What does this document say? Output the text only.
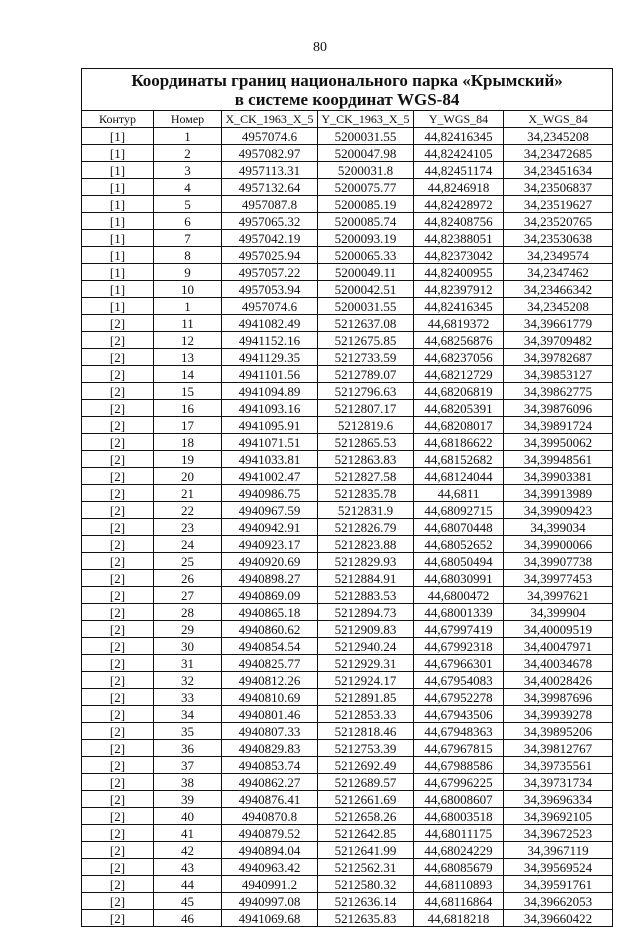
80
Координаты границ национального парка «Крымский»
в системе координат WGS-84					

Контур	Номер	X_CK_1963_X_5	Y_CK_1963_X_5	Y_WGS_84	X_WGS_84
[1]	1	4957074.6	5200031.55	44,82416345	34,2345208
[1]	2	4957082.97	5200047.98	44,82424105	34,23472685
[1]	3	4957113.31	5200031.8	44,82451174	34,23451634
[1]	4	4957132.64	5200075.77	44,8246918	34,23506837
[1]	5	4957087.8	5200085.19	44,82428972	34,23519627
[1]	6	4957065.32	5200085.74	44,82408756	34,23520765
[1]	7	4957042.19	5200093.19	44,82388051	34,23530638
[1]	8	4957025.94	5200065.33	44,82373042	34,2349574
[1]	9	4957057.22	5200049.11	44,82400955	34,2347462
[1]	10	4957053.94	5200042.51	44,82397912	34,23466342
[1]	1	4957074.6	5200031.55	44,82416345	34,2345208
[2]	11	4941082.49	5212637.08	44,6819372	34,39661779
[2]	12	4941152.16	5212675.85	44,68256876	34,39709482
[2]	13	4941129.35	5212733.59	44,68237056	34,39782687
[2]	14	4941101.56	5212789.07	44,68212729	34,39853127
[2]	15	4941094.89	5212796.63	44,68206819	34,39862775
[2]	16	4941093.16	5212807.17	44,68205391	34,39876096
[2]	17	4941095.91	5212819.6	44,68208017	34,39891724
[2]	18	4941071.51	5212865.53	44,68186622	34,39950062
[2]	19	4941033.81	5212863.83	44,68152682	34,39948561
[2]	20	4941002.47	5212827.58	44,68124044	34,39903381
[2]	21	4940986.75	5212835.78	44,6811	34,39913989
[2]	22	4940967.59	5212831.9	44,68092715	34,39909423
[2]	23	4940942.91	5212826.79	44,68070448	34,399034
[2]	24	4940923.17	5212823.88	44,68052652	34,39900066
[2]	25	4940920.69	5212829.93	44,68050494	34,39907738
[2]	26	4940898.27	5212884.91	44,68030991	34,39977453
[2]	27	4940869.09	5212883.53	44,6800472	34,3997621
[2]	28	4940865.18	5212894.73	44,68001339	34,399904
[2]	29	4940860.62	5212909.83	44,67997419	34,40009519
[2]	30	4940854.54	5212940.24	44,67992318	34,40047971
[2]	31	4940825.77	5212929.31	44,67966301	34,40034678
[2]	32	4940812.26	5212924.17	44,67954083	34,40028426
[2]	33	4940810.69	5212891.85	44,67952278	34,39987696
[2]	34	4940801.46	5212853.33	44,67943506	34,39939278
[2]	35	4940807.33	5212818.46	44,67948363	34,39895206
[2]	36	4940829.83	5212753.39	44,67967815	34,39812767
[2]	37	4940853.74	5212692.49	44,67988586	34,39735561
[2]	38	4940862.27	5212689.57	44,67996225	34,39731734
[2]	39	4940876.41	5212661.69	44,68008607	34,39696334
[2]	40	4940870.8	5212658.26	44,68003518	34,39692105
[2]	41	4940879.52	5212642.85	44,68011175	34,39672523
[2]	42	4940894.04	5212641.99	44,68024229	34,3967119
[2]	43	4940963.42	5212562.31	44,68085679	34,39569524
[2]	44	4940991.2	5212580.32	44,68110893	34,39591761
[2]	45	4940997.08	5212636.14	44,68116864	34,39662053
[2]	46	4941069.68	5212635.83	44,6818218	34,39660422
